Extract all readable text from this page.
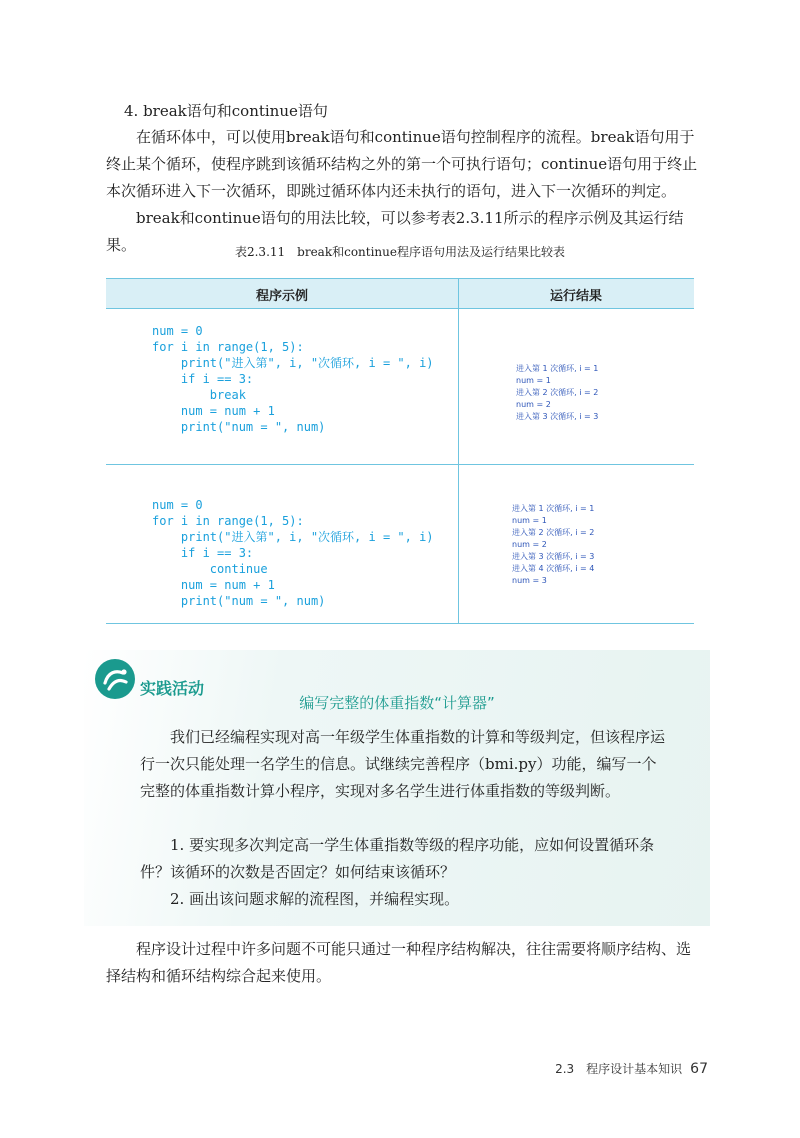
4. break语句和continue语句

在循环体中，可以使用break语句和continue语句控制程序的流程。break语句用于终止某个循环，使程序跳到该循环结构之外的第一个可执行语句；continue语句用于终止本次循环进入下一次循环，即跳过循环体内还未执行的语句，进入下一次循环的判定。

break和continue语句的用法比较，可以参考表2.3.11所示的程序示例及其运行结果。	表2.3.11　break和continue程序语句用法及运行结果比较表
程序示例	运行结果
num = 0
for i in range(1, 5):
print("进入第", i, "次循环, i = ", i)
if i == 3:
break
num = num + 1
print("num = ", num)
进入第 1 次循环, i = 1
num = 1
进入第 2 次循环, i = 2
num = 2
进入第 3 次循环, i = 3
num = 0
for i in range(1, 5):
print("进入第", i, "次循环, i = ", i)
if i == 3:
continue
num = num + 1
print("num = ", num)
进入第 1 次循环, i = 1
num = 1
进入第 2 次循环, i = 2
num = 2
进入第 3 次循环, i = 3
进入第 4 次循环, i = 4
num = 3
实践活动
编写完整的体重指数“计算器”

我们已经编程实现对高一年级学生体重指数的计算和等级判定，但该程序运行一次只能处理一名学生的信息。试继续完善程序（bmi.py）功能，编写一个完整的体重指数计算小程序，实现对多名学生进行体重指数的等级判断。

1. 要实现多次判定高一学生体重指数等级的程序功能，应如何设置循环条件？该循环的次数是否固定？如何结束该循环？

2. 画出该问题求解的流程图，并编程实现。

程序设计过程中许多问题不可能只通过一种程序结构解决，往往需要将顺序结构、选择结构和循环结构综合起来使用。

2.3　程序设计基本知识 67
